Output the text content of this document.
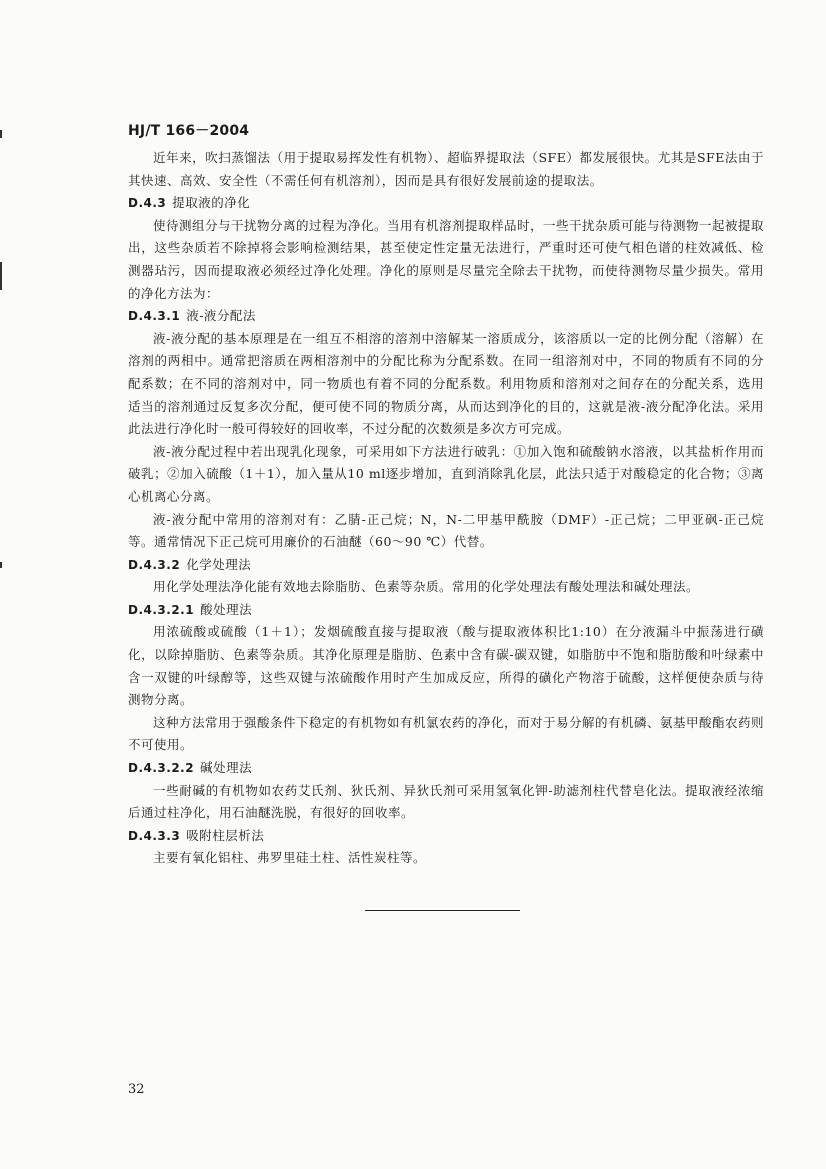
HJ/T 166－2004

近年来，吹扫蒸馏法（用于提取易挥发性有机物）、超临界提取法（SFE）都发展很快。尤其是SFE法由于其快速、高效、安全性（不需任何有机溶剂），因而是具有很好发展前途的提取法。

D.4.3 提取液的净化

使待测组分与干扰物分离的过程为净化。当用有机溶剂提取样品时，一些干扰杂质可能与待测物一起被提取出，这些杂质若不除掉将会影响检测结果，甚至使定性定量无法进行，严重时还可使气相色谱的柱效减低、检测器玷污，因而提取液必须经过净化处理。净化的原则是尽量完全除去干扰物，而使待测物尽量少损失。常用的净化方法为：

D.4.3.1 液-液分配法

液-液分配的基本原理是在一组互不相溶的溶剂中溶解某一溶质成分，该溶质以一定的比例分配（溶解）在溶剂的两相中。通常把溶质在两相溶剂中的分配比称为分配系数。在同一组溶剂对中，不同的物质有不同的分配系数；在不同的溶剂对中，同一物质也有着不同的分配系数。利用物质和溶剂对之间存在的分配关系，选用适当的溶剂通过反复多次分配，便可使不同的物质分离，从而达到净化的目的，这就是液-液分配净化法。采用此法进行净化时一般可得较好的回收率，不过分配的次数须是多次方可完成。

液-液分配过程中若出现乳化现象，可采用如下方法进行破乳：①加入饱和硫酸钠水溶液，以其盐析作用而破乳；②加入硫酸（1＋1），加入量从10 ml逐步增加，直到消除乳化层，此法只适于对酸稳定的化合物；③离心机离心分离。

液-液分配中常用的溶剂对有：乙腈-正己烷；N，N-二甲基甲酰胺（DMF）-正己烷；二甲亚砜-正己烷等。通常情况下正己烷可用廉价的石油醚（60～90 ℃）代替。

D.4.3.2 化学处理法

用化学处理法净化能有效地去除脂肪、色素等杂质。常用的化学处理法有酸处理法和碱处理法。

D.4.3.2.1 酸处理法

用浓硫酸或硫酸（1＋1）；发烟硫酸直接与提取液（酸与提取液体积比1:10）在分液漏斗中振荡进行磺化，以除掉脂肪、色素等杂质。其净化原理是脂肪、色素中含有碳-碳双键，如脂肪中不饱和脂肪酸和叶绿素中含一双键的叶绿醇等，这些双键与浓硫酸作用时产生加成反应，所得的磺化产物溶于硫酸，这样便使杂质与待测物分离。

这种方法常用于强酸条件下稳定的有机物如有机氯农药的净化，而对于易分解的有机磷、氨基甲酸酯农药则不可使用。

D.4.3.2.2 碱处理法

一些耐碱的有机物如农药艾氏剂、狄氏剂、异狄氏剂可采用氢氧化钾-助滤剂柱代替皂化法。提取液经浓缩后通过柱净化，用石油醚洗脱，有很好的回收率。

D.4.3.3 吸附柱层析法

主要有氧化铝柱、弗罗里硅土柱、活性炭柱等。

32
